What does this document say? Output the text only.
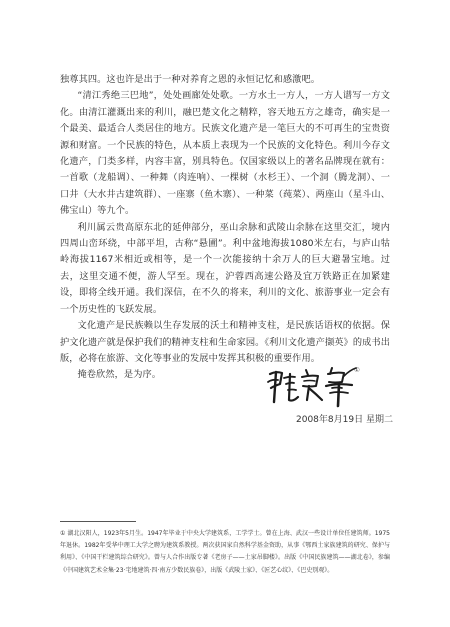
独尊其四。这也许是出于一种对养育之恩的永恒记忆和感激吧。

“清江秀绝三巴地”，处处画廊处处歌。一方水土一方人，一方人谱写一方文化。由清江灌溉出来的利川，融巴楚文化之精粹，容天地五方之雄奇，确实是一个最美、最适合人类居住的地方。民族文化遗产是一笔巨大的不可再生的宝贵资源和财富。一个民族的特色，从本质上表现为一个民族的文化特色。利川今存文化遗产，门类多样，内容丰富，别具特色。仅国家级以上的著名品牌现在就有：一首歌（龙船调）、一种舞（肉连响）、一棵树（水杉王）、一个洞（腾龙洞）、一口井（大水井古建筑群）、一座寨（鱼木寨）、一种菜（莼菜）、两座山（星斗山、佛宝山）等九个。

利川属云贵高原东北的延伸部分，巫山余脉和武陵山余脉在这里交汇，境内四周山峦环绕，中部平坦，古称“悬圃”。利中盆地海拔1080米左右，与庐山牯岭海拔1167米相近或相等，是一个一次能接纳十余万人的巨大避暑宝地。过去，这里交通不便，游人罕至。现在，沪蓉西高速公路及宜万铁路正在加紧建设，即将全线开通。我们深信，在不久的将来，利川的文化、旅游事业一定会有一个历史性的飞跃发展。

文化遗产是民族赖以生存发展的沃土和精神支柱，是民族话语权的依据。保护文化遗产就是保护我们的精神支柱和生命家园。《利川文化遗产撷英》的成书出版，必将在旅游、文化等事业的发展中发挥其积极的重要作用。

掩卷欣然，是为序。	①
2008年8月19日 星期二
① 湖北汉阳人，1923年5月生。1947年毕业于中央大学建筑系，工学学士。曾在上海、武汉一些设计单位任建筑师。1975年退休。1982年受华中理工大学之聘为建筑系教授。两次获国家自然科学基金资助，从事《鄂西土家族建筑的研究、保护与利用》、《中国干栏建筑综合研究》。曾与人合作出版专著《老房子——土家吊脚楼》。出版《中国民族建筑——湖北卷》，参编《中国建筑艺术全集·23·宅地建筑·四·南方少数民族卷》，出版《武陵土家》、《匠艺心纹》、《巴史别观》。
